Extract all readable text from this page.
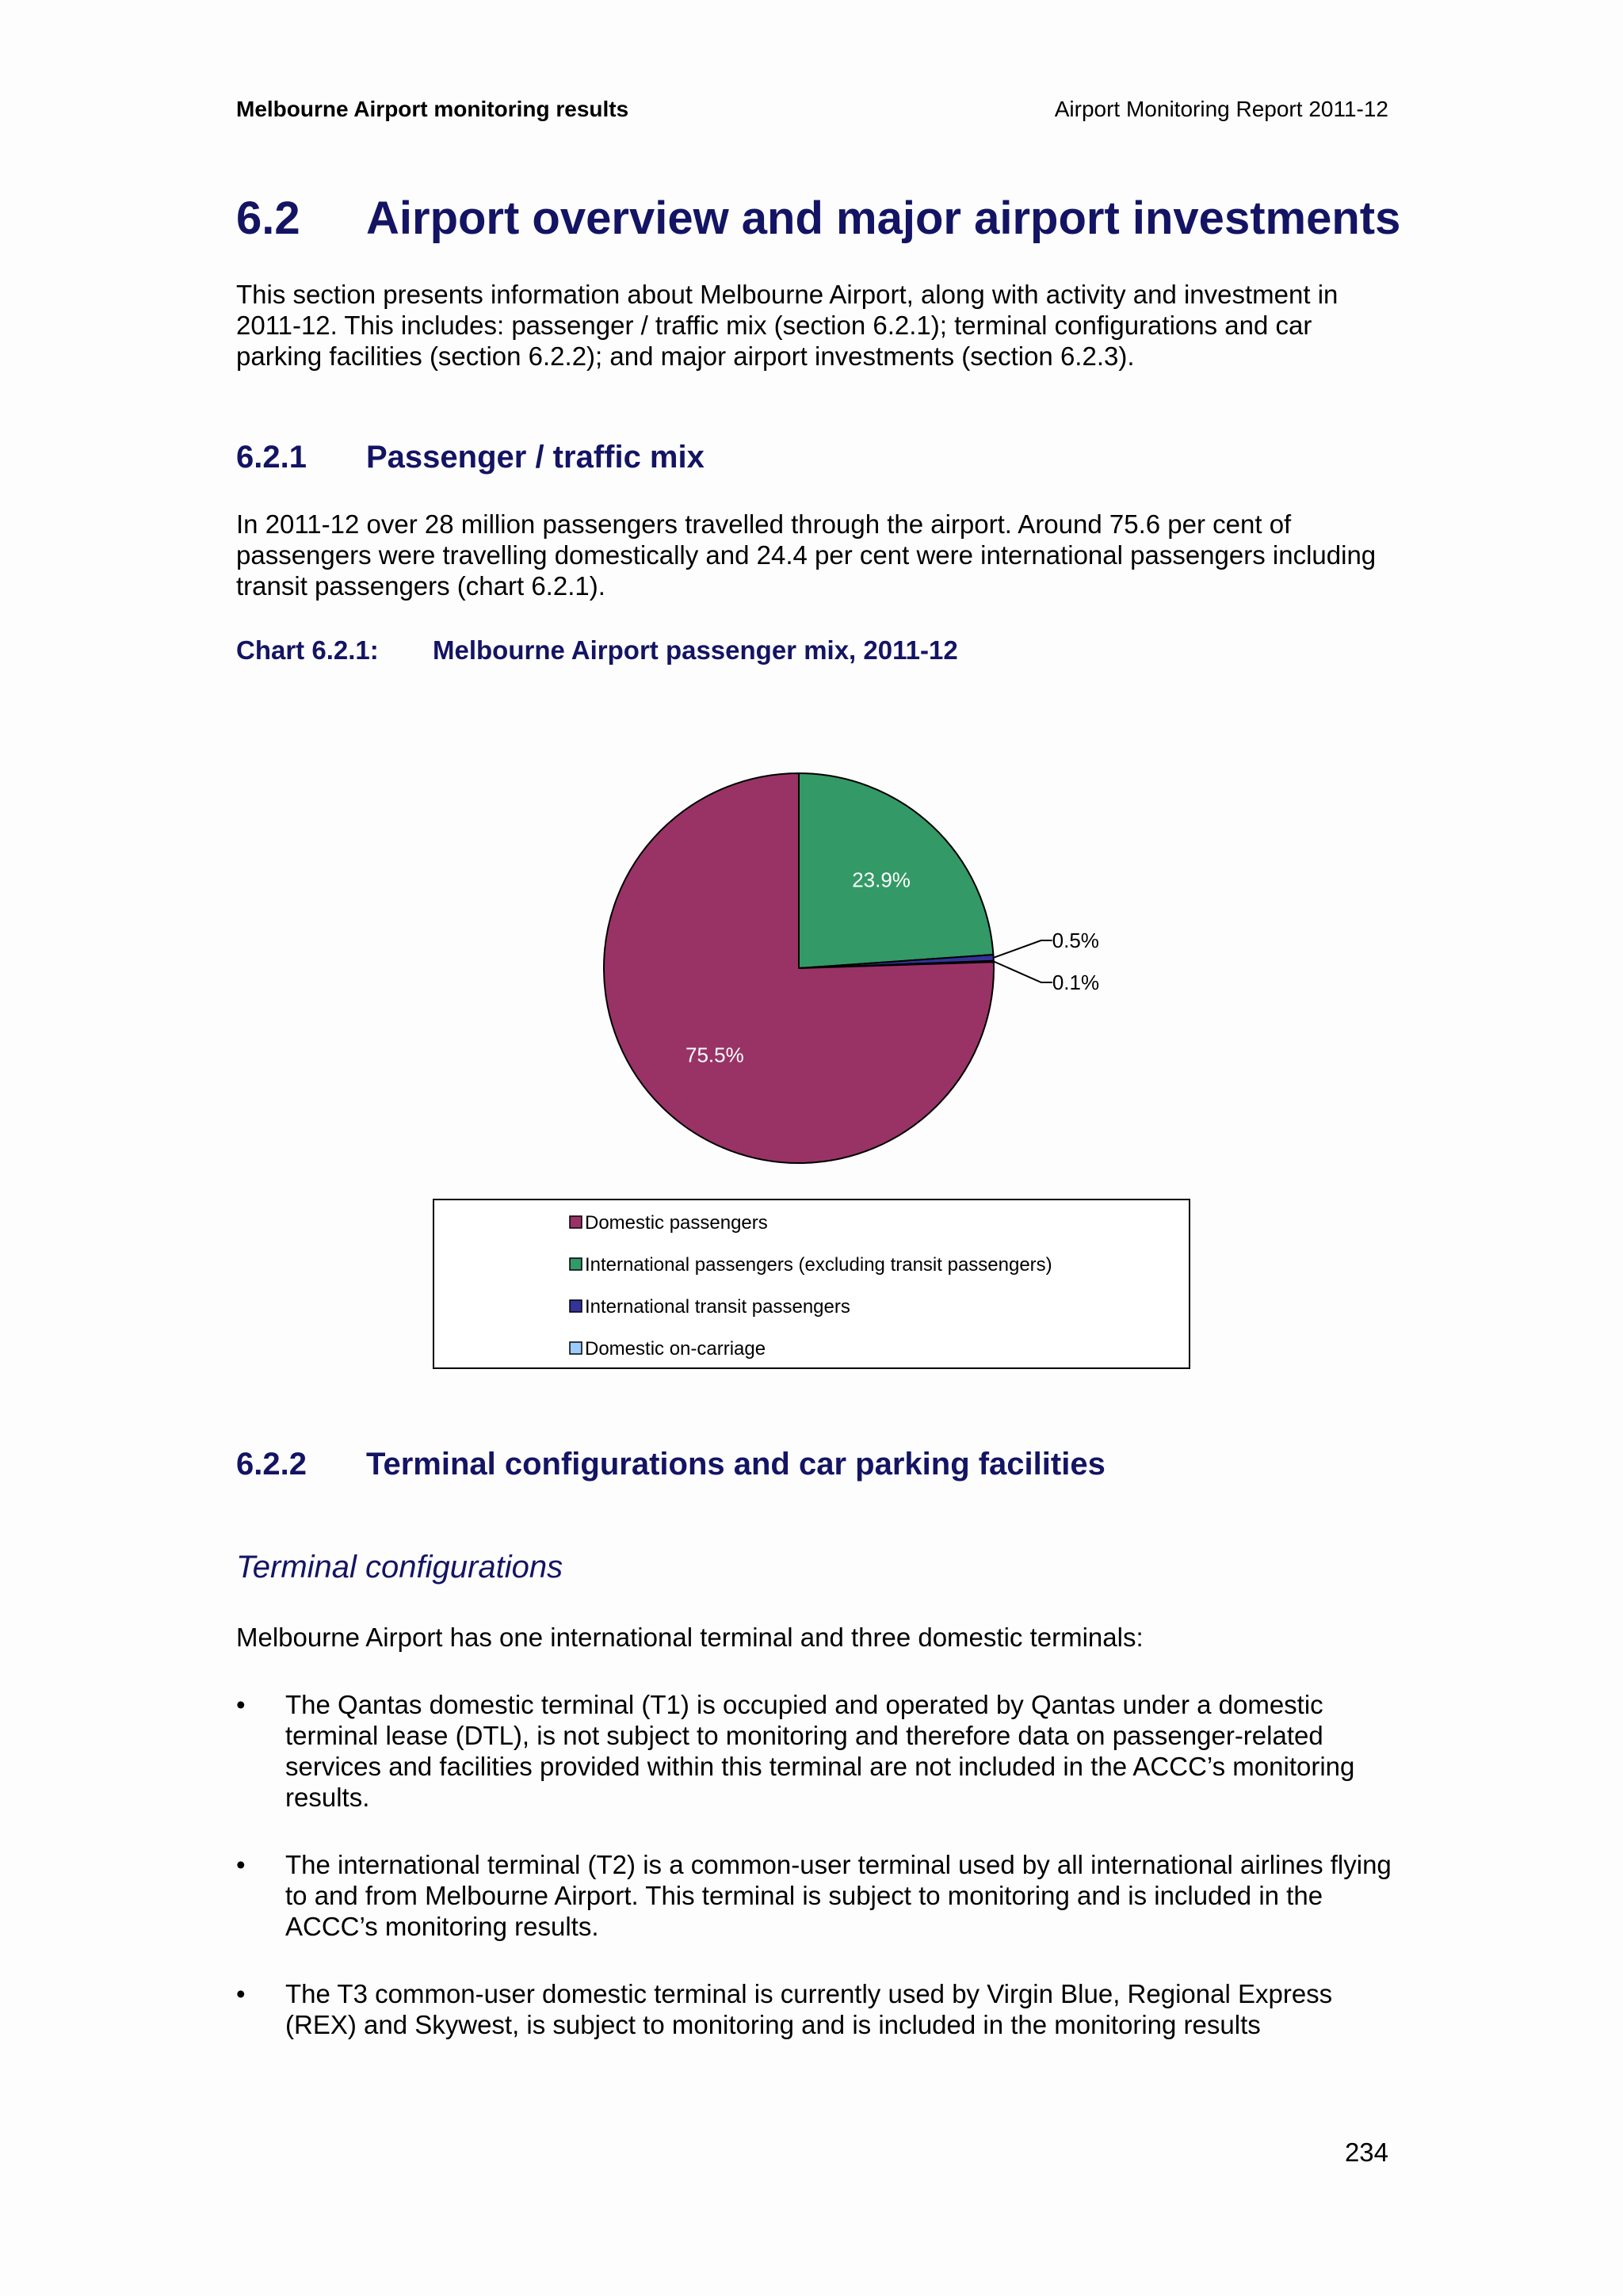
Melbourne Airport monitoring results	Airport Monitoring Report 2011-12
6.2 Airport overview and major airport investments
This section presents information about Melbourne Airport, along with activity and investment in 2011-12. This includes: passenger / traffic mix (section 6.2.1); terminal configurations and car parking facilities (section 6.2.2); and major airport investments (section 6.2.3).
6.2.1 Passenger / traffic mix
In 2011-12 over 28 million passengers travelled through the airport. Around 75.6 per cent of passengers were travelling domestically and 24.4 per cent were international passengers including transit passengers (chart 6.2.1).
Chart 6.2.1: Melbourne Airport passenger mix, 2011-12
75.5%
23.9%
0.5%
0.1%
Domestic passengers
International passengers (excluding transit passengers)
International transit passengers
Domestic on-carriage
6.2.2 Terminal configurations and car parking facilities
Terminal configurations
Melbourne Airport has one international terminal and three domestic terminals:
•	The Qantas domestic terminal (T1) is occupied and operated by Qantas under a domestic terminal lease (DTL), is not subject to monitoring and therefore data on passenger-related services and facilities provided within this terminal are not included in the ACCC’s monitoring results.
•	The international terminal (T2) is a common-user terminal used by all international airlines flying to and from Melbourne Airport. This terminal is subject to monitoring and is included in the ACCC’s monitoring results.
•	The T3 common-user domestic terminal is currently used by Virgin Blue, Regional Express (REX) and Skywest, is subject to monitoring and is included in the monitoring results
234
